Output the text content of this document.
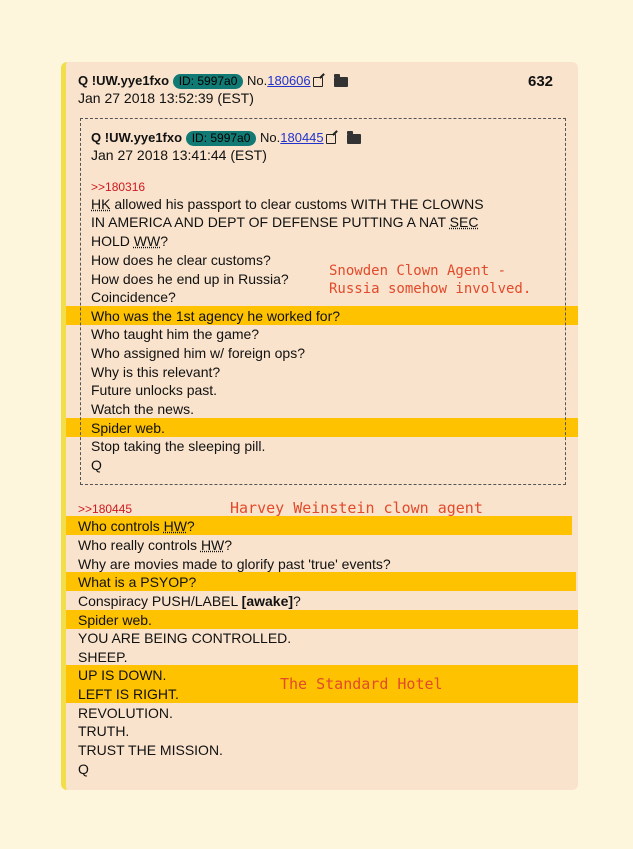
Q !UW.yye1fxo ID: 5997a0 No.180606	632
Jan 27 2018 13:52:39 (EST)
Q !UW.yye1fxo ID: 5997a0 No.180445
Jan 27 2018 13:41:44 (EST)
>>180316
HK allowed his passport to clear customs WITH THE CLOWNS
IN AMERICA AND DEPT OF DEFENSE PUTTING A NAT SEC
HOLD WW?
How does he clear customs?
How does he end up in Russia?
Coincidence?
Who was the 1st agency he worked for?
Who taught him the game?
Who assigned him w/ foreign ops?
Why is this relevant?
Future unlocks past.
Watch the news.
Spider web.
Stop taking the sleeping pill.
Q
>>180445
Who controls HW?
Who really controls HW?
Why are movies made to glorify past 'true' events?
What is a PSYOP?
Conspiracy PUSH/LABEL [awake]?
Spider web.
YOU ARE BEING CONTROLLED.
SHEEP.
UP IS DOWN.
LEFT IS RIGHT.
REVOLUTION.
TRUTH.
TRUST THE MISSION.
Q
Snowden Clown Agent -
Russia somehow involved.
Harvey Weinstein clown agent
The Standard Hotel
